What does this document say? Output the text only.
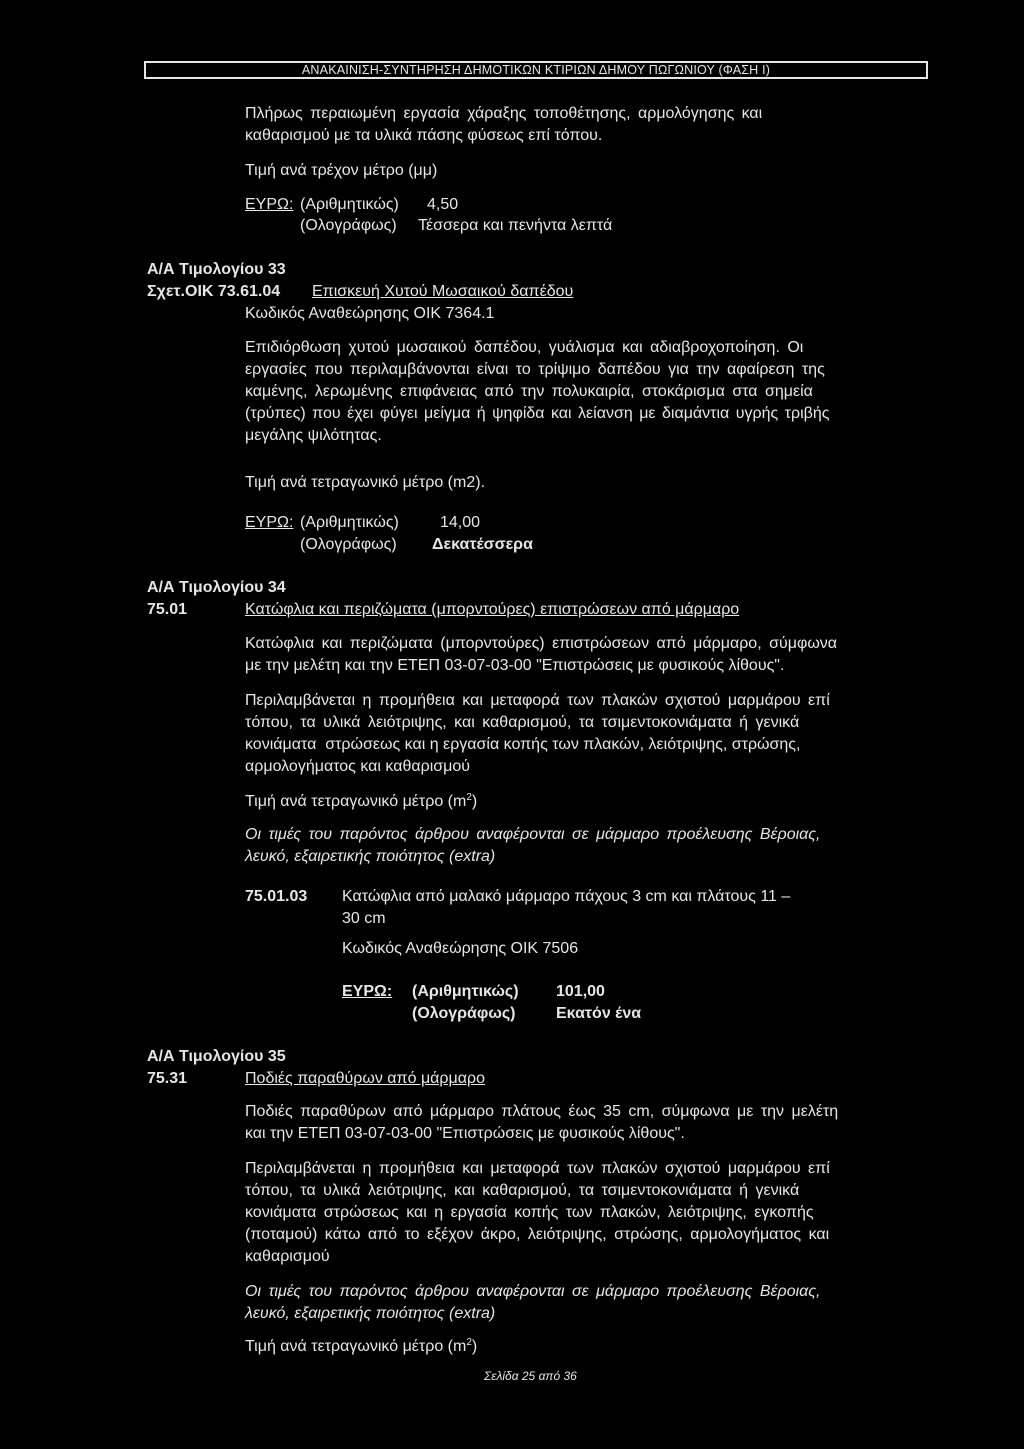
ΑΝΑΚΑΙΝΙΣΗ-ΣΥΝΤΗΡΗΣΗ ΔΗΜΟΤΙΚΩΝ ΚΤΙΡΙΩΝ ΔΗΜΟΥ ΠΩΓΩΝΙΟΥ (ΦΑΣΗ Ι)
Πλήρως περαιωμένη εργασία χάραξης τοποθέτησης, αρμολόγησης και
καθαρισμού με τα υλικά πάσης φύσεως επί τόπου.
Τιμή ανά τρέχον μέτρο (μμ)
ΕΥΡΩ: (Αριθμητικώς) 4,50
(Ολογράφως) Τέσσερα και πενήντα λεπτά
Α/Α Τιμολογίου 33
Σχετ.ΟΙΚ 73.61.04 Επισκευή Χυτού Μωσαικού δαπέδου
Κωδικός Αναθεώρησης ΟΙΚ 7364.1
Επιδιόρθωση χυτού μωσαικού δαπέδου, γυάλισμα και αδιαβροχοποίηση. Οι
εργασίες που περιλαμβάνονται είναι το τρίψιμο δαπέδου για την αφαίρεση της
καμένης, λερωμένης επιφάνειας από την πολυκαιρία, στοκάρισμα στα σημεία
(τρύπες) που έχει φύγει μείγμα ή ψηφίδα και λείανση με διαμάντια υγρής τριβής
μεγάλης ψιλότητας.
Τιμή ανά τετραγωνικό μέτρο (m2).
ΕΥΡΩ: (Αριθμητικώς)	14,00
(Ολογράφως) Δεκατέσσερα
Α/Α Τιμολογίου 34
75.01	Κατώφλια και περιζώματα (μπορντούρες) επιστρώσεων από μάρμαρο
Κατώφλια και περιζώματα (μπορντούρες) επιστρώσεων από μάρμαρο, σύμφωνα
με την μελέτη και την ΕΤΕΠ 03-07-03-00 "Επιστρώσεις με φυσικούς λίθους".
Περιλαμβάνεται η προμήθεια και μεταφορά των πλακών σχιστού μαρμάρου επί
τόπου, τα υλικά λειότριψης, και καθαρισμού, τα τσιμεντοκονιάματα ή γενικά
κονιάματα  στρώσεως και η εργασία κοπής των πλακών, λειότριψης, στρώσης,
αρμολογήματος και καθαρισμού
Τιμή ανά τετραγωνικό μέτρο $(m^2)$
Οι τιμές του παρόντος άρθρου αναφέρονται σε μάρμαρο προέλευσης Βέροιας,
λευκό, εξαιρετικής ποιότητος (extra)
75.01.03 Κατώφλια από μαλακό μάρμαρο πάχους 3 cm και πλάτους 11 –
30 cm
Κωδικός Αναθεώρησης ΟΙΚ 7506
ΕΥΡΩ: (Αριθμητικώς) 101,00
(Ολογράφως)	Εκατόν ένα
Α/Α Τιμολογίου 35
75.31	Ποδιές παραθύρων από μάρμαρο
Ποδιές παραθύρων από μάρμαρο πλάτους έως 35 cm, σύμφωνα με την μελέτη
και την ΕΤΕΠ 03-07-03-00 "Επιστρώσεις με φυσικούς λίθους".
Περιλαμβάνεται η προμήθεια και μεταφορά των πλακών σχιστού μαρμάρου επί
τόπου, τα υλικά λειότριψης, και καθαρισμού, τα τσιμεντοκονιάματα ή γενικά
κονιάματα στρώσεως και η εργασία κοπής των πλακών, λειότριψης, εγκοπής
(ποταμού) κάτω από το εξέχον άκρο, λειότριψης, στρώσης, αρμολογήματος και
καθαρισμού
Οι τιμές του παρόντος άρθρου αναφέρονται σε μάρμαρο προέλευσης Βέροιας,
λευκό, εξαιρετικής ποιότητος (extra)
Τιμή ανά τετραγωνικό μέτρο $(m^2)$
Σελίδα 25 από 36
